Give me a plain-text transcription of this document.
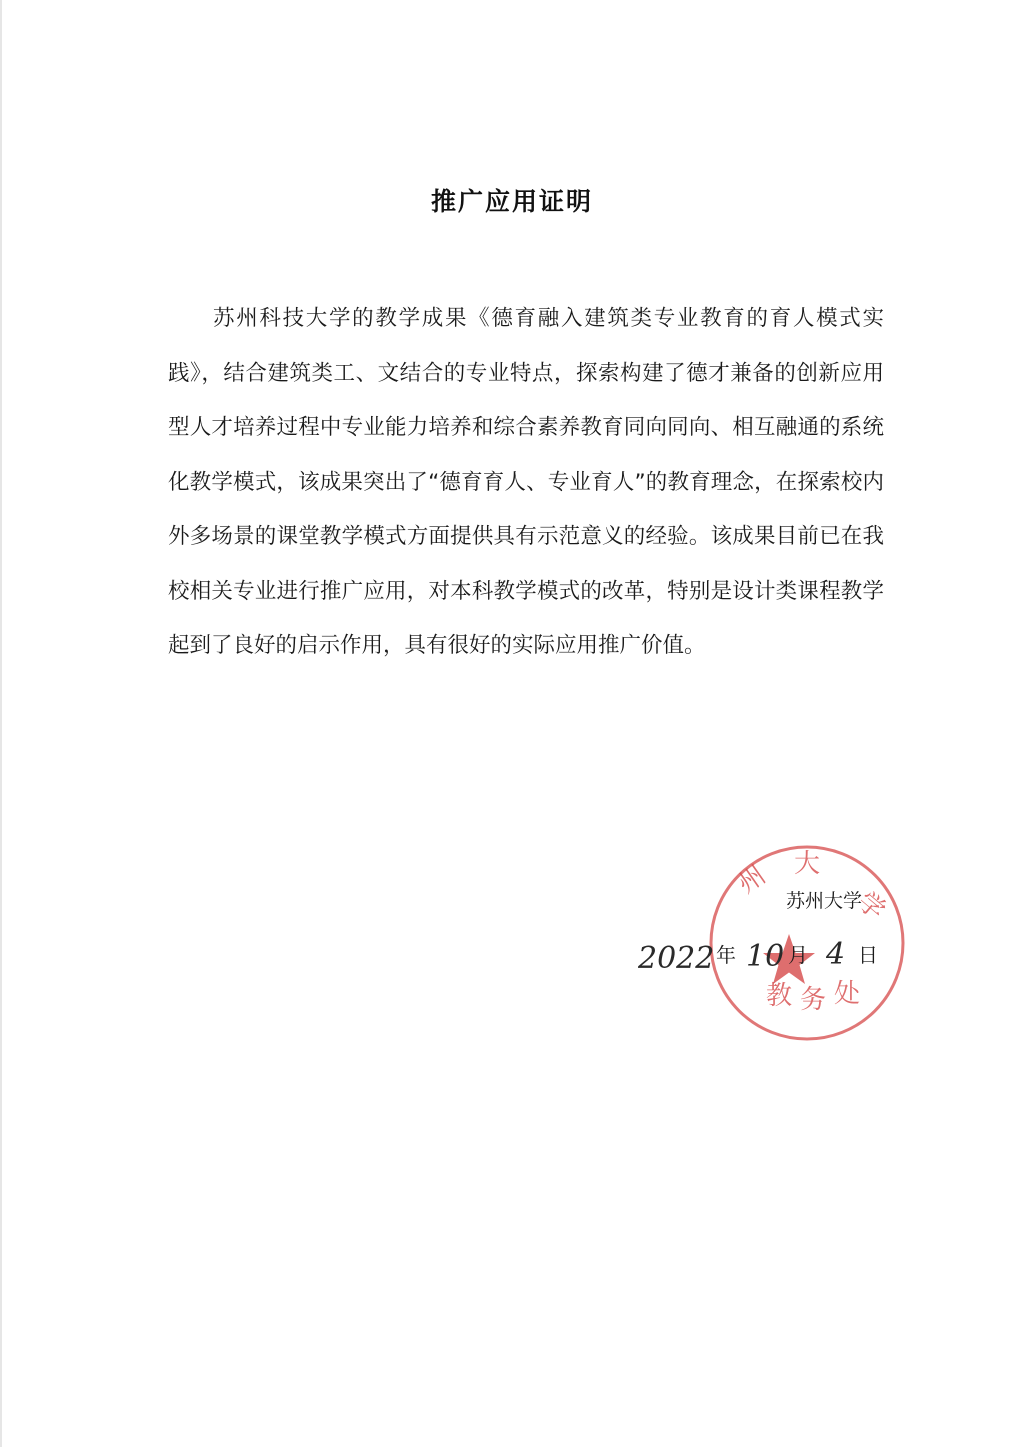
推广应用证明

苏州科技大学的教学成果《德育融入建筑类专业教育的育人模式实践》，结合建筑类工、文结合的专业特点，探索构建了德才兼备的创新应用型人才培养过程中专业能力培养和综合素养教育同向同向、相互融通的系统化教学模式，该成果突出了“德育育人、专业育人”的教育理念，在探索校内外多场景的课堂教学模式方面提供具有示范意义的经验。该成果目前已在我校相关专业进行推广应用，对本科教学模式的改革，特别是设计类课程教学起到了良好的启示作用，具有很好的实际应用推广价值。

州 大
学
教 务 处
苏州大学
2022 年 10 月 4 日
